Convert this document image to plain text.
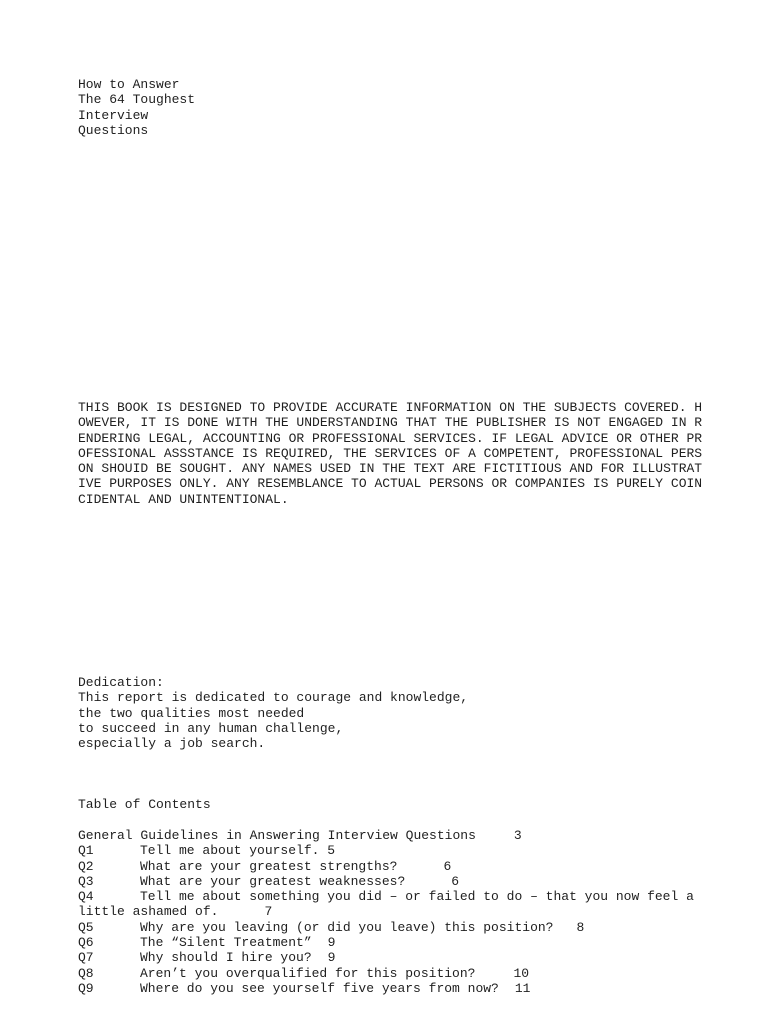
How to Answer
The 64 Toughest
Interview
Questions
THIS BOOK IS DESIGNED TO PROVIDE ACCURATE INFORMATION ON THE SUBJECTS COVERED. H
OWEVER, IT IS DONE WITH THE UNDERSTANDING THAT THE PUBLISHER IS NOT ENGAGED IN R
ENDERING LEGAL, ACCOUNTING OR PROFESSIONAL SERVICES. IF LEGAL ADVICE OR OTHER PR
OFESSIONAL ASSSTANCE IS REQUIRED, THE SERVICES OF A COMPETENT, PROFESSIONAL PERS
ON SHOUID BE SOUGHT. ANY NAMES USED IN THE TEXT ARE FICTITIOUS AND FOR ILLUSTRAT
IVE PURPOSES ONLY. ANY RESEMBLANCE TO ACTUAL PERSONS OR COMPANIES IS PURELY COIN
CIDENTAL AND UNINTENTIONAL.
Dedication:
This report is dedicated to courage and knowledge,
the two qualities most needed
to succeed in any human challenge,
especially a job search.
Table of Contents
General Guidelines in Answering Interview Questions	3
Q1	Tell me about yourself. 5
Q2	What are your greatest strengths?	6
Q3	What are your greatest weaknesses?	6
Q4	Tell me about something you did – or failed to do – that you now feel a
little ashamed of.	7
Q5	Why are you leaving (or did you leave) this position? 8
Q6	The “Silent Treatment” 9
Q7	Why should I hire you? 9
Q8	Aren’t you overqualified for this position?	10
Q9	Where do you see yourself five years from now? 11
